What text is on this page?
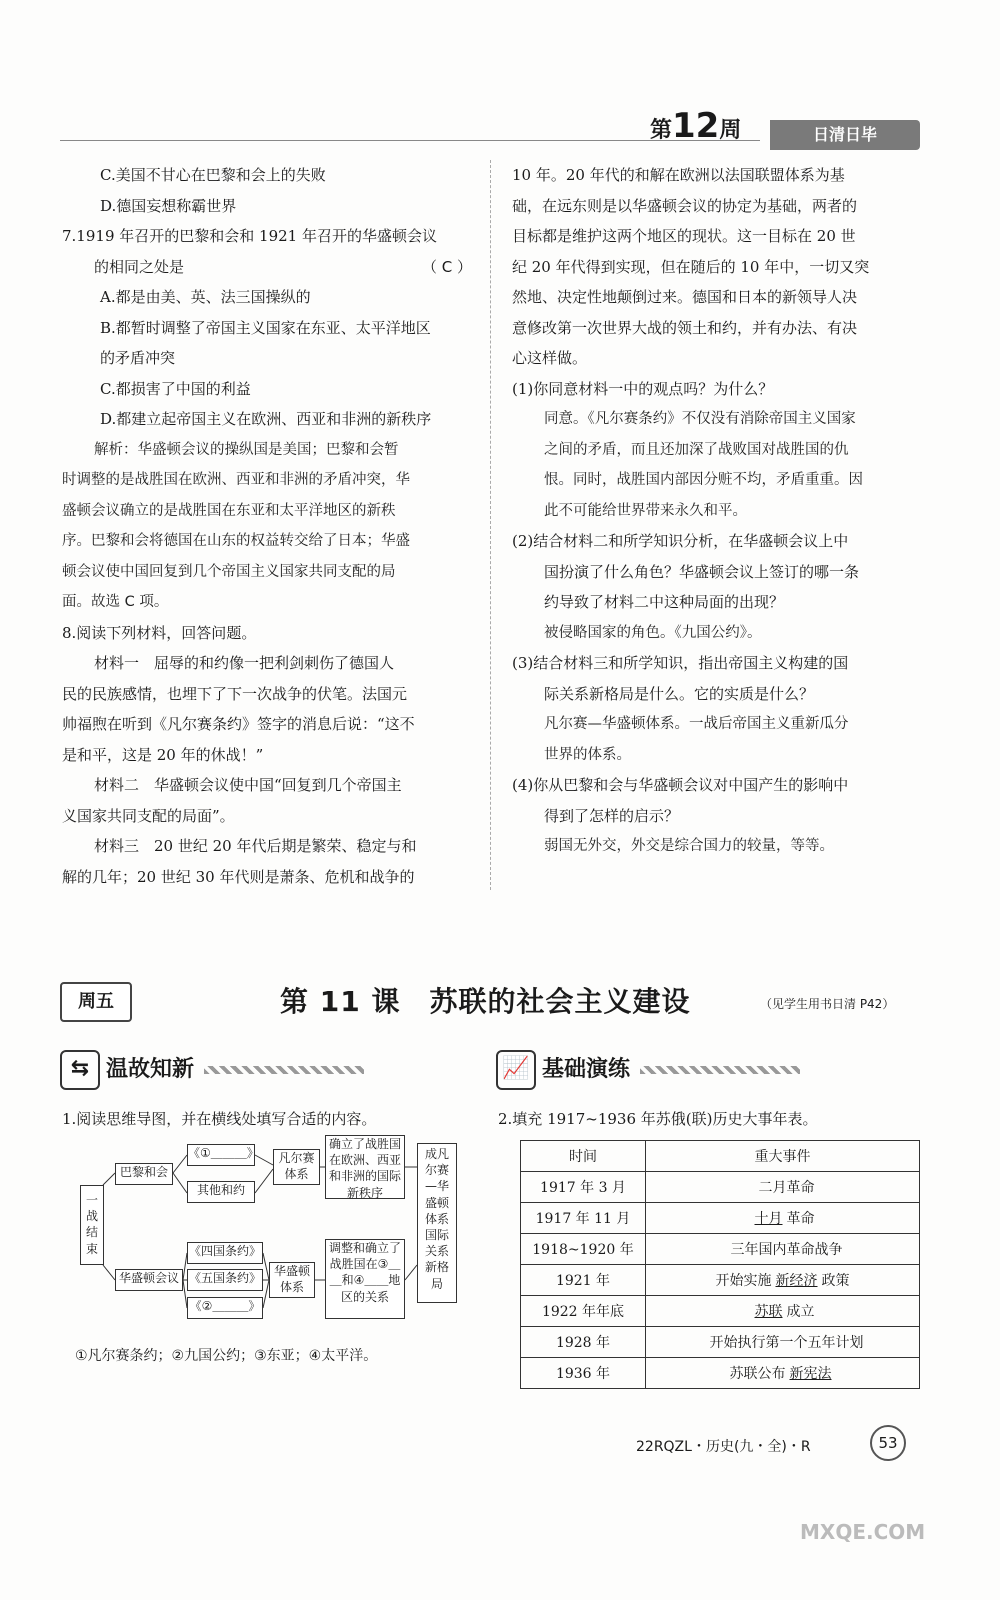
第12周	日清日毕

C.美国不甘心在巴黎和会上的失败

D.德国妄想称霸世界

7.1919 年召开的巴黎和会和 1921 年召开的华盛顿会议

的相同之处是	（ C ）

A.都是由美、英、法三国操纵的

B.都暂时调整了帝国主义国家在东亚、太平洋地区

的矛盾冲突

C.都损害了中国的利益

D.都建立起帝国主义在欧洲、西亚和非洲的新秩序

解析：华盛顿会议的操纵国是美国；巴黎和会暂

时调整的是战胜国在欧洲、西亚和非洲的矛盾冲突，华

盛顿会议确立的是战胜国在东亚和太平洋地区的新秩

序。巴黎和会将德国在山东的权益转交给了日本；华盛

顿会议使中国回复到几个帝国主义国家共同支配的局

面。故选 C 项。

8.阅读下列材料，回答问题。

材料一　屈辱的和约像一把利剑刺伤了德国人

民的民族感情，也埋下了下一次战争的伏笔。法国元

帅福煦在听到《凡尔赛条约》签字的消息后说：“这不

是和平，这是 20 年的休战！”

材料二　华盛顿会议使中国“回复到几个帝国主

义国家共同支配的局面”。

材料三　20 世纪 20 年代后期是繁荣、稳定与和

解的几年；20 世纪 30 年代则是萧条、危机和战争的

10 年。20 年代的和解在欧洲以法国联盟体系为基

础，在远东则是以华盛顿会议的协定为基础，两者的

目标都是维护这两个地区的现状。这一目标在 20 世

纪 20 年代得到实现，但在随后的 10 年中，一切又突

然地、决定性地颠倒过来。德国和日本的新领导人决

意修改第一次世界大战的领土和约，并有办法、有决

心这样做。

(1)你同意材料一中的观点吗？为什么？

同意。《凡尔赛条约》不仅没有消除帝国主义国家

之间的矛盾，而且还加深了战败国对战胜国的仇

恨。同时，战胜国内部因分赃不均，矛盾重重。因

此不可能给世界带来永久和平。

(2)结合材料二和所学知识分析，在华盛顿会议上中

国扮演了什么角色？华盛顿会议上签订的哪一条

约导致了材料二中这种局面的出现？

被侵略国家的角色。《九国公约》。

(3)结合材料三和所学知识，指出帝国主义构建的国

际关系新格局是什么。它的实质是什么？

凡尔赛—华盛顿体系。一战后帝国主义重新瓜分

世界的体系。

(4)你从巴黎和会与华盛顿会议对中国产生的影响中

得到了怎样的启示？

弱国无外交，外交是综合国力的较量，等等。

周五	第 11 课　苏联的社会主义建设	（见学生用书日清 P42）
⇆ 温故知新	📈 基础演练
1.阅读思维导图，并在横线处填写合适的内容。	2.填充 1917~1936 年苏俄(联)历史大事年表。
一战结束
巴黎和会
《①＿＿＿》
其他和约
凡尔赛体系
确立了战胜国在欧洲、西亚和非洲的国际新秩序
成凡尔赛—华盛顿体系国际关系新格局
华盛顿会议
《四国条约》
《五国条约》
《②＿＿＿》
华盛顿体系
调整和确立了战胜国在③＿＿和④＿＿地区的关系
①凡尔赛条约；②九国公约；③东亚；④太平洋。
时间	重大事件
1917 年 3 月	二月革命
1917 年 11 月	十月 革命
1918~1920 年	三年国内革命战争
1921 年	开始实施 新经济 政策
1922 年年底	苏联 成立
1928 年	开始执行第一个五年计划
1936 年	苏联公布 新宪法
22RQZL・历史(九・全)・R	53
MXQE.COM
